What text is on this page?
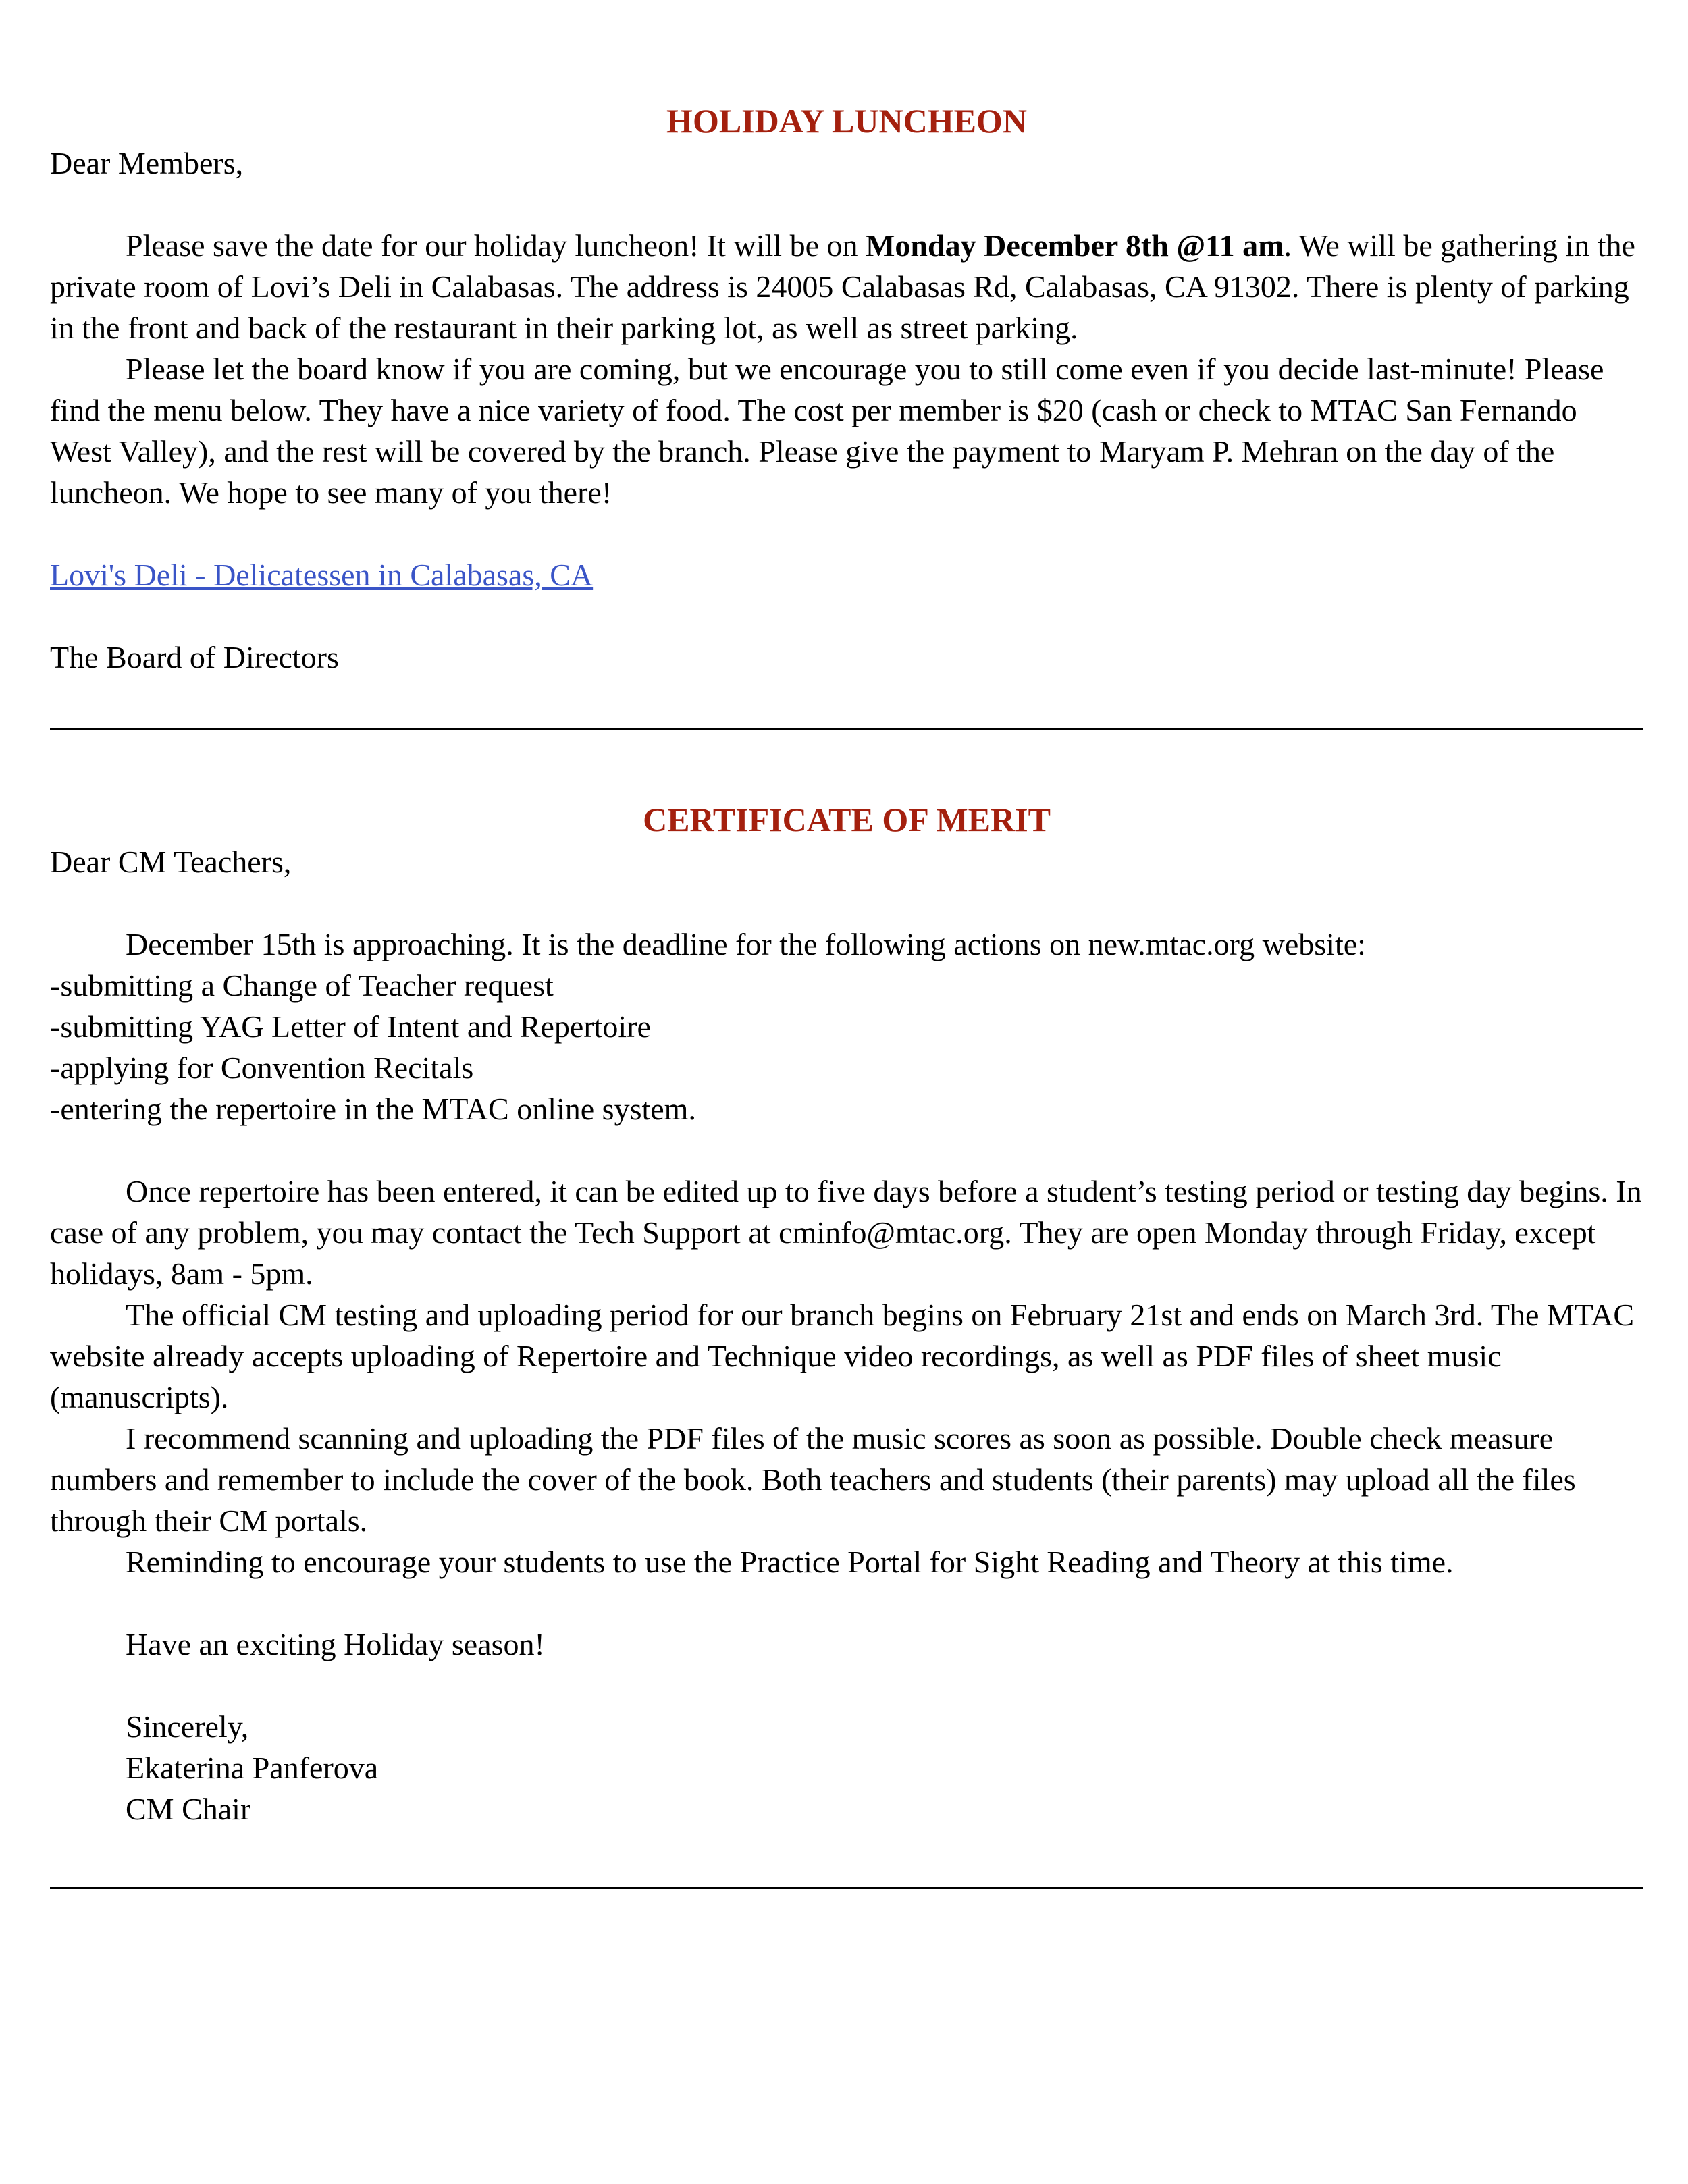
HOLIDAY LUNCHEON

Dear Members,

Please save the date for our holiday luncheon! It will be on Monday December 8th @11 am. We will be gathering in the private room of Lovi’s Deli in Calabasas. The address is 24005 Calabasas Rd, Calabasas, CA 91302. There is plenty of parking in the front and back of the restaurant in their parking lot, as well as street parking.

Please let the board know if you are coming, but we encourage you to still come even if you decide last-minute! Please find the menu below. They have a nice variety of food. The cost per member is $20 (cash or check to MTAC San Fernando West Valley), and the rest will be covered by the branch. Please give the payment to Maryam P. Mehran on the day of the luncheon. We hope to see many of you there!

Lovi's Deli - Delicatessen in Calabasas, CA

The Board of Directors

CERTIFICATE OF MERIT

Dear CM Teachers,

December 15th is approaching. It is the deadline for the following actions on new.mtac.org website:

-submitting a Change of Teacher request

-submitting YAG Letter of Intent and Repertoire

-applying for Convention Recitals

-entering the repertoire in the MTAC online system.

Once repertoire has been entered, it can be edited up to five days before a student’s testing period or testing day begins. In case of any problem, you may contact the Tech Support at cminfo@mtac.org. They are open Monday through Friday, except holidays, 8am - 5pm.

The official CM testing and uploading period for our branch begins on February 21st and ends on March 3rd. The MTAC website already accepts uploading of Repertoire and Technique video recordings, as well as PDF files of sheet music (manuscripts).

I recommend scanning and uploading the PDF files of the music scores as soon as possible. Double check measure numbers and remember to include the cover of the book. Both teachers and students (their parents) may upload all the files through their CM portals.

Reminding to encourage your students to use the Practice Portal for Sight Reading and Theory at this time.

Have an exciting Holiday season!

Sincerely,

Ekaterina Panferova

CM Chair
